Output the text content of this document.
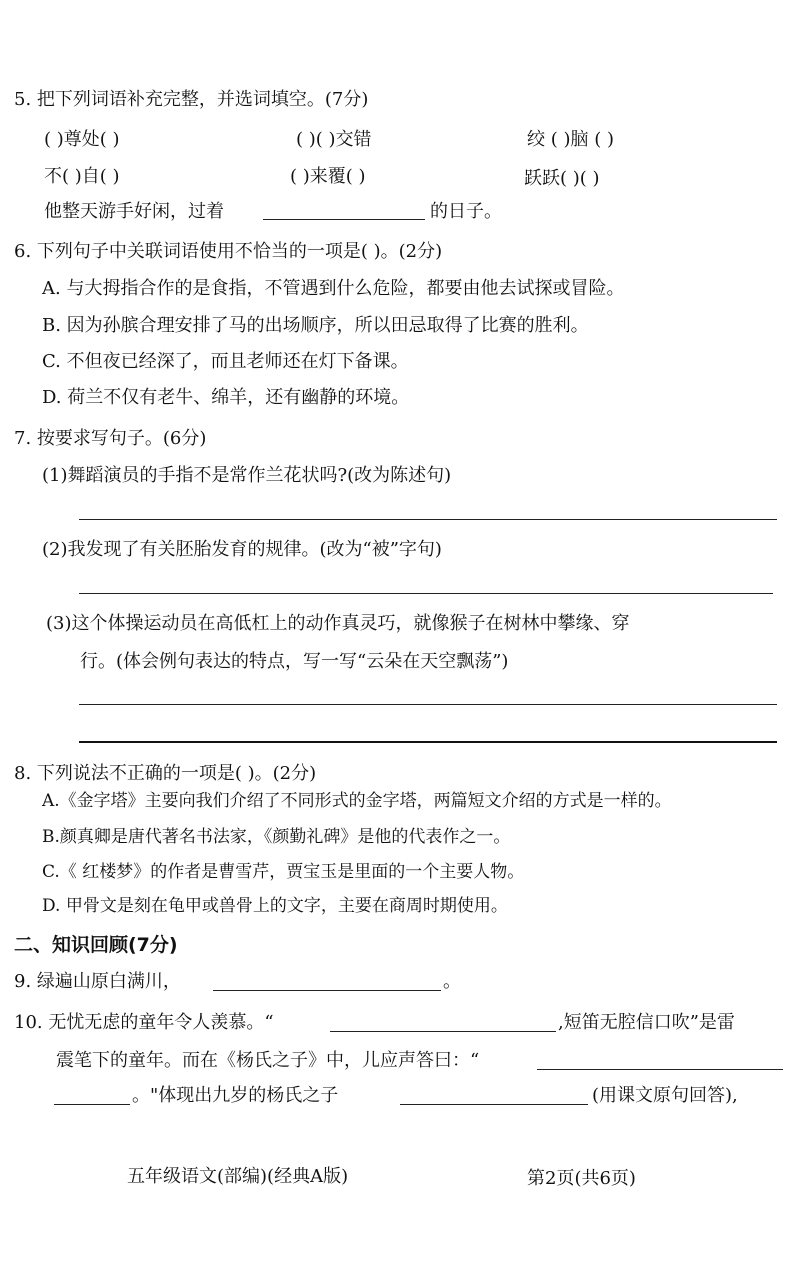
5. 把下列词语补充完整，并选词填空。(7分)
( )尊处( )	( )( )交错	绞 ( )脑 ( )
不( )自( )	( )来覆( )	跃跃( )( )
他整天游手好闲，过着	的日子。
6. 下列句子中关联词语使用不恰当的一项是( )。(2分)
A. 与大拇指合作的是食指，不管遇到什么危险，都要由他去试探或冒险。
B. 因为孙膑合理安排了马的出场顺序，所以田忌取得了比赛的胜利。
C. 不但夜已经深了，而且老师还在灯下备课。
D. 荷兰不仅有老牛、绵羊，还有幽静的环境。
7. 按要求写句子。(6分)
(1)舞蹈演员的手指不是常作兰花状吗?(改为陈述句)
(2)我发现了有关胚胎发育的规律。(改为“被”字句)
(3)这个体操运动员在高低杠上的动作真灵巧，就像猴子在树林中攀缘、穿
行。(体会例句表达的特点，写一写“云朵在天空飘荡”)
8. 下列说法不正确的一项是( )。(2分)
A.《金字塔》主要向我们介绍了不同形式的金字塔，两篇短文介绍的方式是一样的。
B.颜真卿是唐代著名书法家，《颜勤礼碑》是他的代表作之一。
C.《 红楼梦》的作者是曹雪芹，贾宝玉是里面的一个主要人物。
D. 甲骨文是刻在龟甲或兽骨上的文字，主要在商周时期使用。
二、知识回顾(7分)
9. 绿遍山原白满川，	。
10. 无忧无虑的童年令人羡慕。“	,短笛无腔信口吹”是雷
震笔下的童年。而在《杨氏之子》中，儿应声答曰：“
。"体现出九岁的杨氏之子	(用课文原句回答),
五年级语文(部编)(经典A版)	第2页(共6页)
